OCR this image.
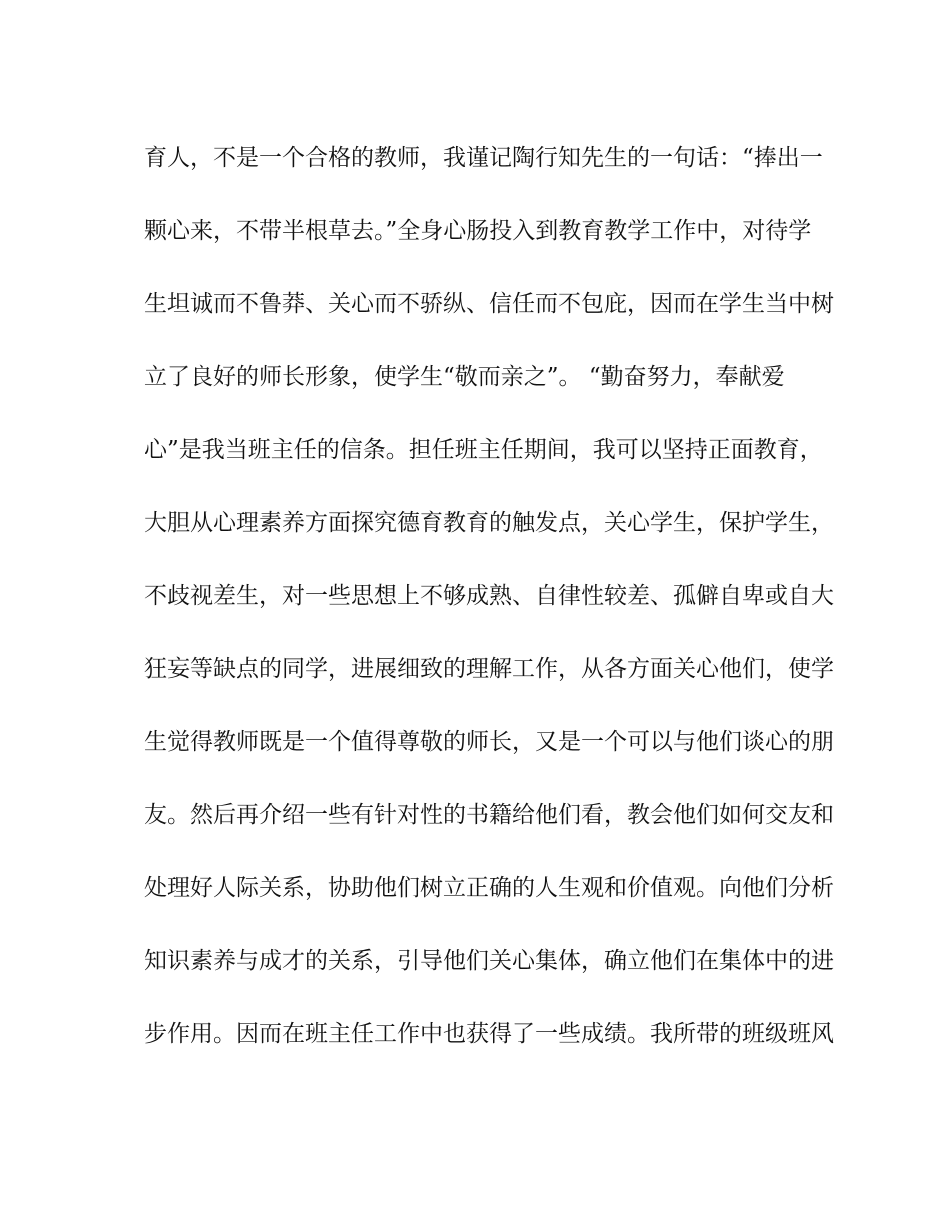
育人，不是一个合格的教师，我谨记陶行知先生的一句话：“捧出一
颗心来，不带半根草去。”全身心肠投入到教育教学工作中，对待学
生坦诚而不鲁莽、关心而不骄纵、信任而不包庇，因而在学生当中树
立了良好的师长形象，使学生“敬而亲之”。 “勤奋努力，奉献爱
心”是我当班主任的信条。担任班主任期间，我可以坚持正面教育，
大胆从心理素养方面探究德育教育的触发点，关心学生，保护学生，
不歧视差生，对一些思想上不够成熟、自律性较差、孤僻自卑或自大
狂妄等缺点的同学，进展细致的理解工作，从各方面关心他们，使学
生觉得教师既是一个值得尊敬的师长，又是一个可以与他们谈心的朋
友。然后再介绍一些有针对性的书籍给他们看，教会他们如何交友和
处理好人际关系，协助他们树立正确的人生观和价值观。向他们分析
知识素养与成才的关系，引导他们关心集体，确立他们在集体中的进
步作用。因而在班主任工作中也获得了一些成绩。我所带的班级班风
